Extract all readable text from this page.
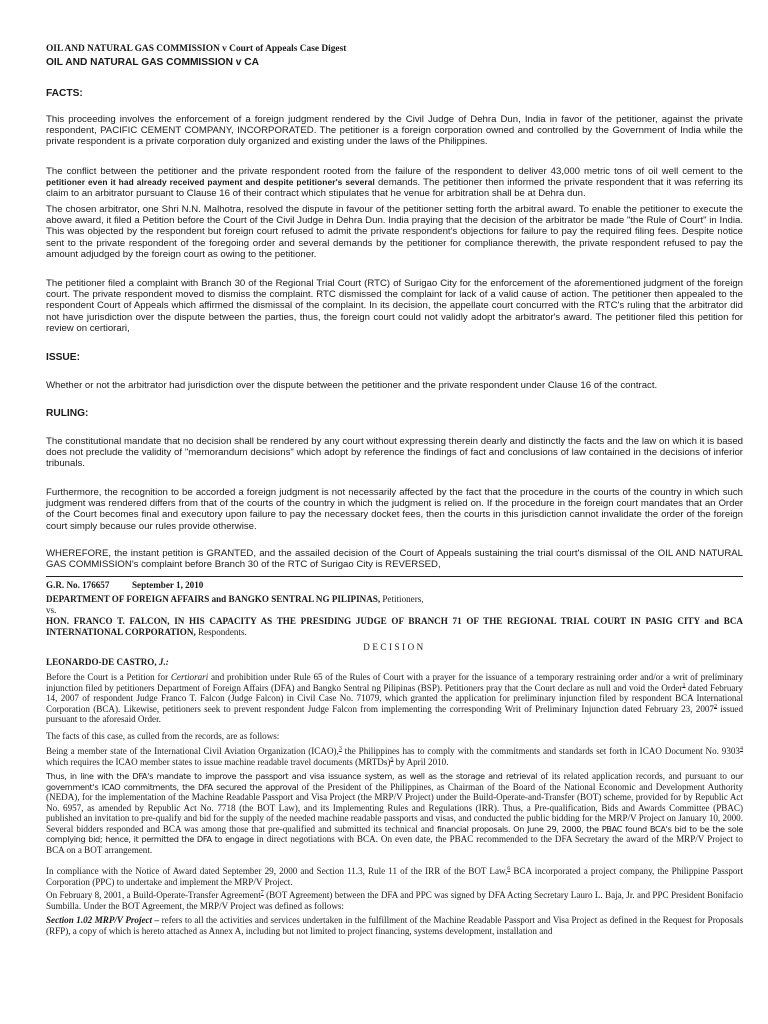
OIL AND NATURAL GAS COMMISSION v Court of Appeals Case Digest
OIL AND NATURAL GAS COMMISSION v CA
FACTS:
This proceeding involves the enforcement of a foreign judgment rendered by the Civil Judge of Dehra Dun, India in favor of the petitioner, against the private respondent, PACIFIC CEMENT COMPANY, INCORPORATED. The petitioner is a foreign corporation owned and controlled by the Government of India while the private respondent is a private corporation duly organized and existing under the laws of the Philippines.
The conflict between the petitioner and the private respondent rooted from the failure of the respondent to deliver 43,000 metric tons of oil well cement to the petitioner even it had already received payment and despite petitioner's several demands. The petitioner then informed the private respondent that it was referring its claim to an arbitrator pursuant to Clause 16 of their contract which stipulates that he venue for arbitration shall be at Dehra dun.
The chosen arbitrator, one Shri N.N. Malhotra, resolved the dispute in favour of the petitioner setting forth the arbitral award. To enable the petitioner to execute the above award, it filed a Petition before the Court of the Civil Judge in Dehra Dun. India praying that the decision of the arbitrator be made "the Rule of Court" in India. This was objected by the respondent but foreign court refused to admit the private respondent's objections for failure to pay the required filing fees. Despite notice sent to the private respondent of the foregoing order and several demands by the petitioner for compliance therewith, the private respondent refused to pay the amount adjudged by the foreign court as owing to the petitioner.
The petitioner filed a complaint with Branch 30 of the Regional Trial Court (RTC) of Surigao City for the enforcement of the aforementioned judgment of the foreign court. The private respondent moved to dismiss the complaint. RTC dismissed the complaint for lack of a valid cause of action. The petitioner then appealed to the respondent Court of Appeals which affirmed the dismissal of the complaint. In its decision, the appellate court concurred with the RTC's ruling that the arbitrator did not have jurisdiction over the dispute between the parties, thus, the foreign court could not validly adopt the arbitrator's award. The petitioner filed this petition for review on certiorari,
ISSUE:
Whether or not the arbitrator had jurisdiction over the dispute between the petitioner and the private respondent under Clause 16 of the contract.
RULING:
The constitutional mandate that no decision shall be rendered by any court without expressing therein dearly and distinctly the facts and the law on which it is based does not preclude the validity of "memorandum decisions" which adopt by reference the findings of fact and conclusions of law contained in the decisions of inferior tribunals.
Furthermore, the recognition to be accorded a foreign judgment is not necessarily affected by the fact that the procedure in the courts of the country in which such judgment was rendered differs from that of the courts of the country in which the judgment is relied on. If the procedure in the foreign court mandates that an Order of the Court becomes final and executory upon failure to pay the necessary docket fees, then the courts in this jurisdiction cannot invalidate the order of the foreign court simply because our rules provide otherwise.
WHEREFORE, the instant petition is GRANTED, and the assailed decision of the Court of Appeals sustaining the trial court's dismissal of the OIL AND NATURAL GAS COMMISSION's complaint before Branch 30 of the RTC of Surigao City is REVERSED,
G.R. No. 176657 September 1, 2010
DEPARTMENT OF FOREIGN AFFAIRS and BANGKO SENTRAL NG PILIPINAS, Petitioners,
vs.
HON. FRANCO T. FALCON, IN HIS CAPACITY AS THE PRESIDING JUDGE OF BRANCH 71 OF THE REGIONAL TRIAL COURT IN PASIG CITY and BCA INTERNATIONAL CORPORATION, Respondents.
DECISION
LEONARDO-DE CASTRO, J.:
Before the Court is a Petition for Certiorari and prohibition under Rule 65 of the Rules of Court with a prayer for the issuance of a temporary restraining order and/or a writ of preliminary injunction filed by petitioners Department of Foreign Affairs (DFA) and Bangko Sentral ng Pilipinas (BSP). Petitioners pray that the Court declare as null and void the Order$^1$ dated February 14, 2007 of respondent Judge Franco T. Falcon (Judge Falcon) in Civil Case No. 71079, which granted the application for preliminary injunction filed by respondent BCA International Corporation (BCA). Likewise, petitioners seek to prevent respondent Judge Falcon from implementing the corresponding Writ of Preliminary Injunction dated February 23, 2007$^2$ issued pursuant to the aforesaid Order.
The facts of this case, as culled from the records, are as follows:
Being a member state of the International Civil Aviation Organization (ICAO),$^3$ the Philippines has to comply with the commitments and standards set forth in ICAO Document No. 9303$^4$ which requires the ICAO member states to issue machine readable travel documents (MRTDs)$^5$ by April 2010.
Thus, in line with the DFA's mandate to improve the passport and visa issuance system, as well as the storage and retrieval of its related application records, and pursuant to our government's ICAO commitments, the DFA secured the approval of the President of the Philippines, as Chairman of the Board of the National Economic and Development Authority (NEDA), for the implementation of the Machine Readable Passport and Visa Project (the MRP/V Project) under the Build-Operate-and-Transfer (BOT) scheme, provided for by Republic Act No. 6957, as amended by Republic Act No. 7718 (the BOT Law), and its Implementing Rules and Regulations (IRR). Thus, a Pre-qualification, Bids and Awards Committee (PBAC) published an invitation to pre-qualify and bid for the supply of the needed machine readable passports and visas, and conducted the public bidding for the MRP/V Project on January 10, 2000. Several bidders responded and BCA was among those that pre-qualified and submitted its technical and financial proposals. On June 29, 2000, the PBAC found BCA's bid to be the sole complying bid; hence, it permitted the DFA to engage in direct negotiations with BCA. On even date, the PBAC recommended to the DFA Secretary the award of the MRP/V Project to BCA on a BOT arrangement.
In compliance with the Notice of Award dated September 29, 2000 and Section 11.3, Rule 11 of the IRR of the BOT Law,$^6$ BCA incorporated a project company, the Philippine Passport Corporation (PPC) to undertake and implement the MRP/V Project.
On February 8, 2001, a Build-Operate-Transfer Agreement$^7$ (BOT Agreement) between the DFA and PPC was signed by DFA Acting Secretary Lauro L. Baja, Jr. and PPC President Bonifacio Sumbilla. Under the BOT Agreement, the MRP/V Project was defined as follows:
Section 1.02 MRP/V Project – refers to all the activities and services undertaken in the fulfillment of the Machine Readable Passport and Visa Project as defined in the Request for Proposals (RFP), a copy of which is hereto attached as Annex A, including but not limited to project financing, systems development, installation and
